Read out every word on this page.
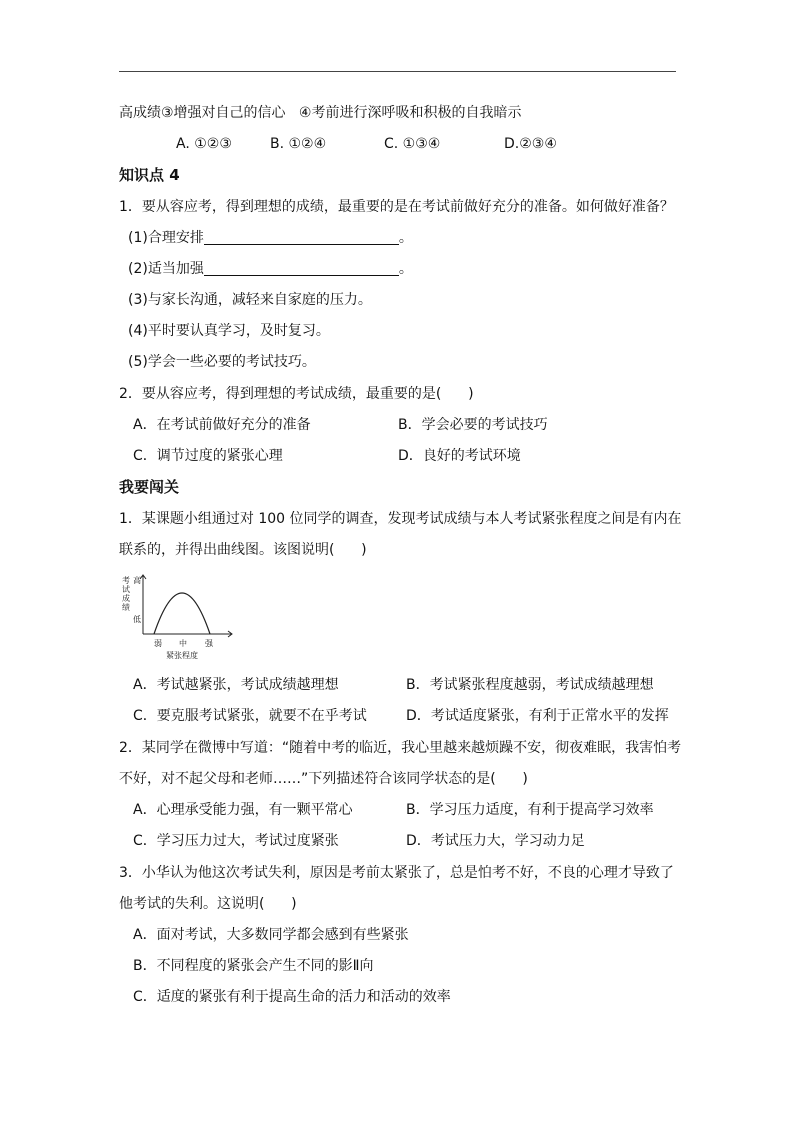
高成绩③增强对自己的信心   ④考前进行深呼吸和积极的自我暗示
A. ①②③	B. ①②④	C. ①③④	D.②③④
知识点 4
1．要从容应考，得到理想的成绩，最重要的是在考试前做好充分的准备。如何做好准备？
(1)合理安排	。
(2)适当加强	。
(3)与家长沟通，减轻来自家庭的压力。
(4)平时要认真学习，及时复习。
(5)学会一些必要的考试技巧。
2．要从容应考，得到理想的考试成绩，最重要的是(      )
A．在考试前做好充分的准备	B．学会必要的考试技巧
C．调节过度的紧张心理	D．良好的考试环境
我要闯关
1．某课题小组通过对 100 位同学的调查，发现考试成绩与本人考试紧张程度之间是有内在
联系的，并得出曲线图。该图说明(      )
考 试 成 绩
高
低
弱 中 强
紧张程度
A．考试越紧张，考试成绩越理想	B．考试紧张程度越弱，考试成绩越理想
C．要克服考试紧张，就要不在乎考试	D．考试适度紧张，有利于正常水平的发挥
2．某同学在微博中写道：“随着中考的临近，我心里越来越烦躁不安，彻夜难眠，我害怕考
不好，对不起父母和老师……”下列描述符合该同学状态的是(      )
A．心理承受能力强，有一颗平常心	B．学习压力适度，有利于提高学习效率
C．学习压力过大，考试过度紧张	D．考试压力大，学习动力足
3．小华认为他这次考试失利，原因是考前太紧张了，总是怕考不好，不良的心理才导致了
他考试的失利。这说明(      )
A．面对考试，大多数同学都会感到有些紧张
B．不同程度的紧张会产生不同的影Ⅱ向
C．适度的紧张有利于提高生命的活力和活动的效率
